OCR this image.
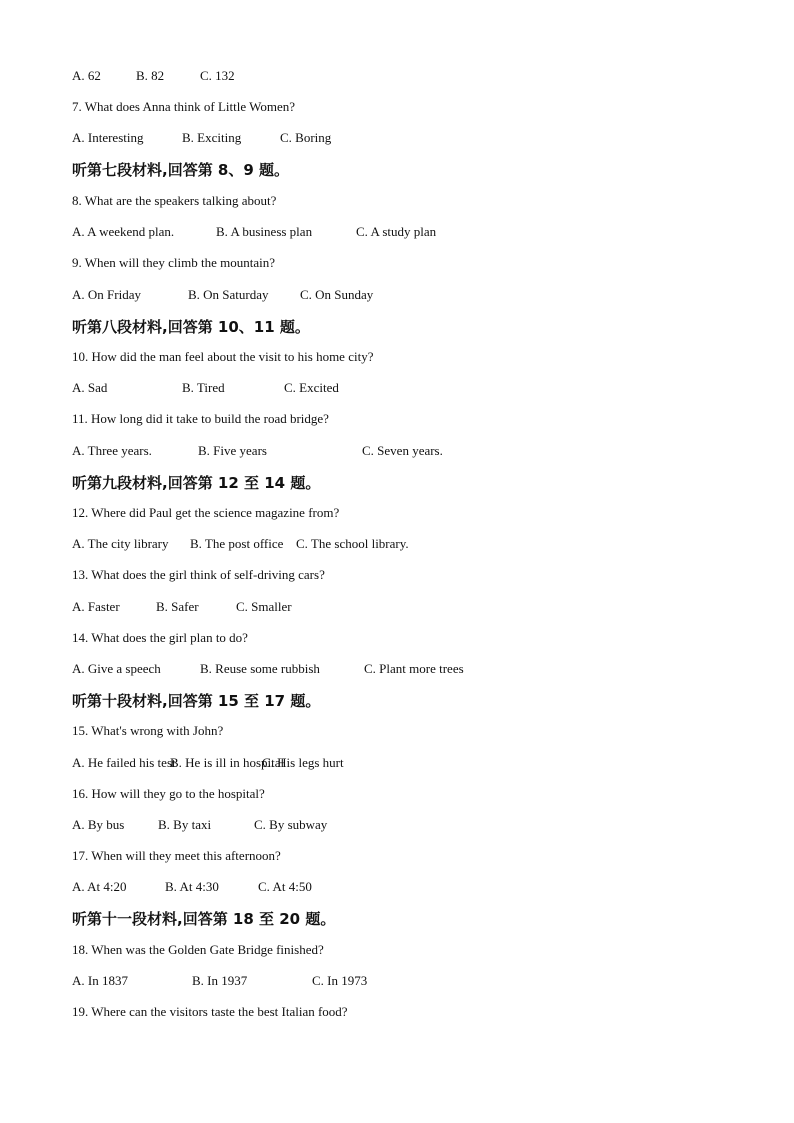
A. 62	B. 82	C. 132
7. What does Anna think of Little Women?
A. Interesting	B. Exciting	C. Boring
听第七段材料,回答第 8、9 题。
8. What are the speakers talking about?
A. A weekend plan.	B. A business plan	C. A study plan
9. When will they climb the mountain?
A. On Friday	B. On Saturday C. On Sunday
听第八段材料,回答第 10、11 题。
10. How did the man feel about the visit to his home city?
A. Sad	B. Tired	C. Excited
11. How long did it take to build the road bridge?
A. Three years.	B. Five years	C. Seven years.
听第九段材料,回答第 12 至 14 题。
12. Where did Paul get the science magazine from?
A. The city library B. The post office C. The school library.
13. What does the girl think of self-driving cars?
A. Faster	B. Safer	C. Smaller
14. What does the girl plan to do?
A. Give a speech	B. Reuse some rubbish	C. Plant more trees
听第十段材料,回答第 15 至 17 题。
15. What's wrong with John?
A. He failed his test
B. He is ill in hospital
C. His legs hurt
16. How will they go to the hospital?
A. By bus	B. By taxi	C. By subway
17. When will they meet this afternoon?
A. At 4:20	B. At 4:30	C. At 4:50
听第十一段材料,回答第 18 至 20 题。
18. When was the Golden Gate Bridge finished?
A. In 1837	B. In 1937	C. In 1973
19. Where can the visitors taste the best Italian food?
